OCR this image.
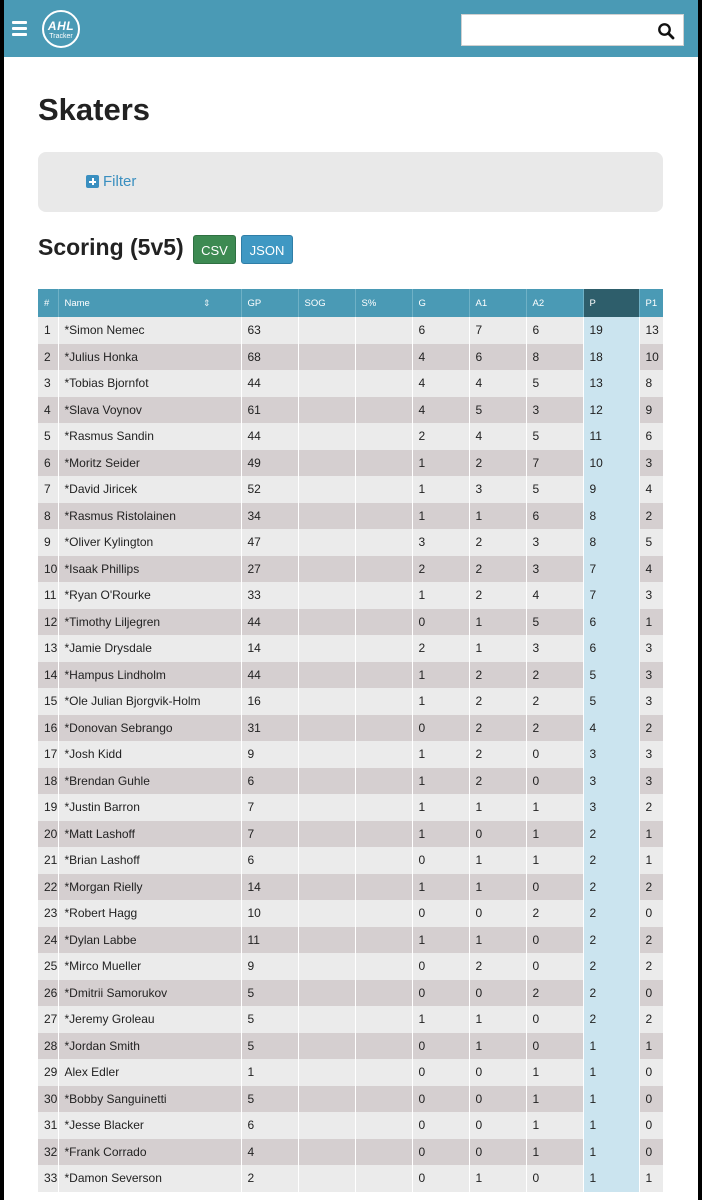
AHL
Tracker
Skaters
Filter
Scoring (5v5)	CSV	JSON
#	Name ⇕	GP	SOG	S%	G	A1	A2	P	P1
1	*Simon Nemec	63			6	7	6	19	13
2	*Julius Honka	68			4	6	8	18	10
3	*Tobias Bjornfot	44			4	4	5	13	8
4	*Slava Voynov	61			4	5	3	12	9
5	*Rasmus Sandin	44			2	4	5	11	6
6	*Moritz Seider	49			1	2	7	10	3
7	*David Jiricek	52			1	3	5	9	4
8	*Rasmus Ristolainen	34			1	1	6	8	2
9	*Oliver Kylington	47			3	2	3	8	5
10	*Isaak Phillips	27			2	2	3	7	4
11	*Ryan O'Rourke	33			1	2	4	7	3
12	*Timothy Liljegren	44			0	1	5	6	1
13	*Jamie Drysdale	14			2	1	3	6	3
14	*Hampus Lindholm	44			1	2	2	5	3
15	*Ole Julian Bjorgvik-Holm	16			1	2	2	5	3
16	*Donovan Sebrango	31			0	2	2	4	2
17	*Josh Kidd	9			1	2	0	3	3
18	*Brendan Guhle	6			1	2	0	3	3
19	*Justin Barron	7			1	1	1	3	2
20	*Matt Lashoff	7			1	0	1	2	1
21	*Brian Lashoff	6			0	1	1	2	1
22	*Morgan Rielly	14			1	1	0	2	2
23	*Robert Hagg	10			0	0	2	2	0
24	*Dylan Labbe	11			1	1	0	2	2
25	*Mirco Mueller	9			0	2	0	2	2
26	*Dmitrii Samorukov	5			0	0	2	2	0
27	*Jeremy Groleau	5			1	1	0	2	2
28	*Jordan Smith	5			0	1	0	1	1
29	Alex Edler	1			0	0	1	1	0
30	*Bobby Sanguinetti	5			0	0	1	1	0
31	*Jesse Blacker	6			0	0	1	1	0
32	*Frank Corrado	4			0	0	1	1	0
33	*Damon Severson	2			0	1	0	1	1
